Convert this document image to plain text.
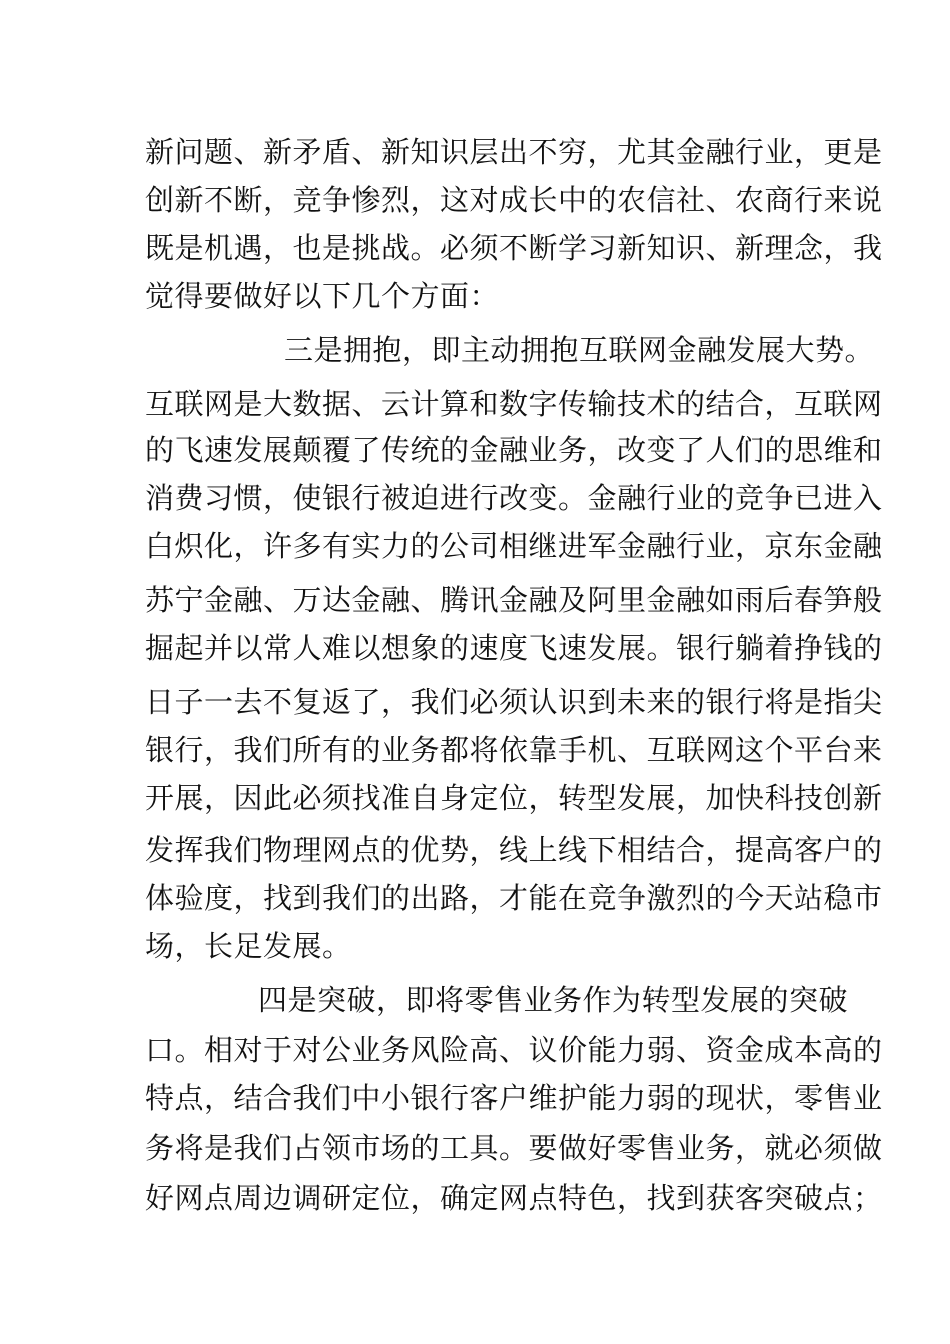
新问题、新矛盾、新知识层出不穷，尤其金融行业，更是
创新不断，竞争惨烈，这对成长中的农信社、农商行来说
既是机遇，也是挑战。必须不断学习新知识、新理念，我
觉得要做好以下几个方面：
三是拥抱，即主动拥抱互联网金融发展大势。
互联网是大数据、云计算和数字传输技术的结合，互联网
的飞速发展颠覆了传统的金融业务，改变了人们的思维和
消费习惯，使银行被迫进行改变。金融行业的竞争已进入
白炽化，许多有实力的公司相继进军金融行业，京东金融
苏宁金融、万达金融、腾讯金融及阿里金融如雨后春笋般
掘起并以常人难以想象的速度飞速发展。银行躺着挣钱的
日子一去不复返了，我们必须认识到未来的银行将是指尖
银行，我们所有的业务都将依靠手机、互联网这个平台来
开展，因此必须找准自身定位，转型发展，加快科技创新
发挥我们物理网点的优势，线上线下相结合，提高客户的
体验度，找到我们的出路，才能在竞争激烈的今天站稳市
场，长足发展。
四是突破，即将零售业务作为转型发展的突破
口。相对于对公业务风险高、议价能力弱、资金成本高的
特点，结合我们中小银行客户维护能力弱的现状，零售业
务将是我们占领市场的工具。要做好零售业务，就必须做
好网点周边调研定位，确定网点特色，找到获客突破点；
